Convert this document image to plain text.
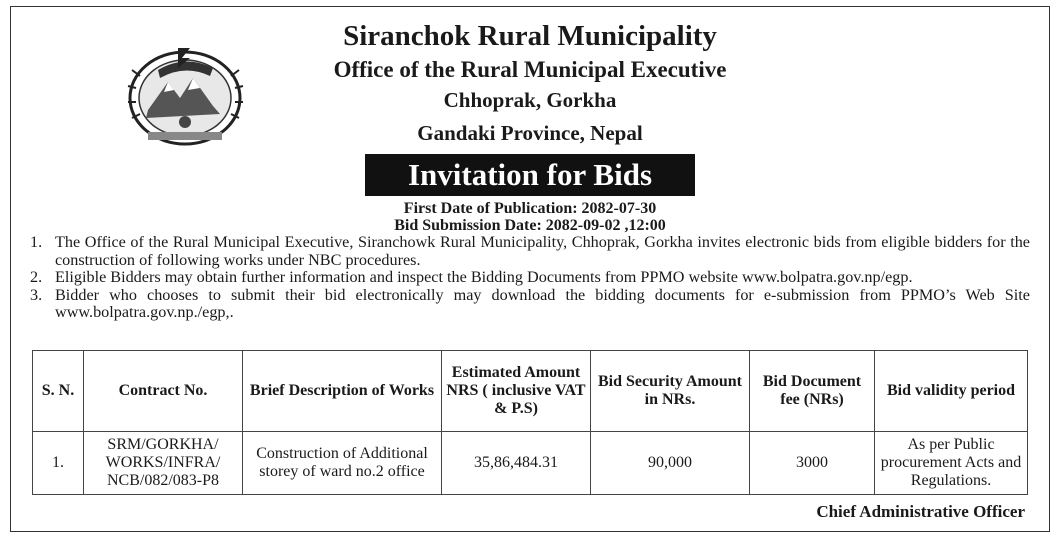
Siranchok Rural Municipality
Office of the Rural Municipal Executive
Chhoprak, Gorkha
Gandaki Province, Nepal
Invitation for Bids
First Date of Publication: 2082-07-30
Bid Submission Date: 2082-09-02 ,12:00
1. The Office of the Rural Municipal Executive, Siranchowk Rural Municipality, Chhoprak, Gorkha invites electronic bids from eligible bidders for the construction of following works under NBC procedures.
2. Eligible Bidders may obtain further information and inspect the Bidding Documents from PPMO website www.bolpatra.gov.np/egp.
3. Bidder who chooses to submit their bid electronically may download the bidding documents for e-submission from PPMO’s Web Site www.bolpatra.gov.np./egp,.
S. N.	Contract No.	Brief Description of Works	Estimated Amount NRS ( inclusive VAT & P.S)	Bid Security Amount in NRs.	Bid Document fee (NRs)	Bid validity period
1.	SRM/GORKHA/ WORKS/INFRA/ NCB/082/083-P8	Construction of Additional storey of ward no.2 office	35,86,484.31	90,000	3000	As per Public procurement Acts and Regulations.
Chief Administrative Officer
